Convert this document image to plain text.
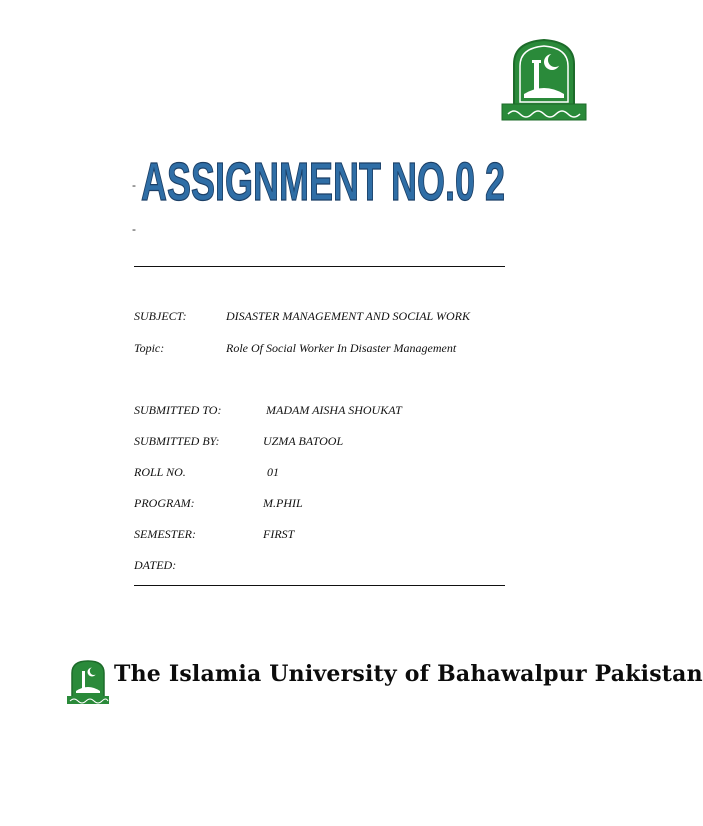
-
-
ASSIGNMENT NO.0 2
SUBJECT:	DISASTER MANAGEMENT AND SOCIAL WORK
Topic:	Role Of Social Worker In Disaster Management
SUBMITTED TO:	MADAM AISHA SHOUKAT
SUBMITTED BY:	UZMA BATOOL
ROLL NO.	01
PROGRAM:	M.PHIL
SEMESTER:	FIRST
DATED:
The Islamia University of Bahawalpur Pakistan
